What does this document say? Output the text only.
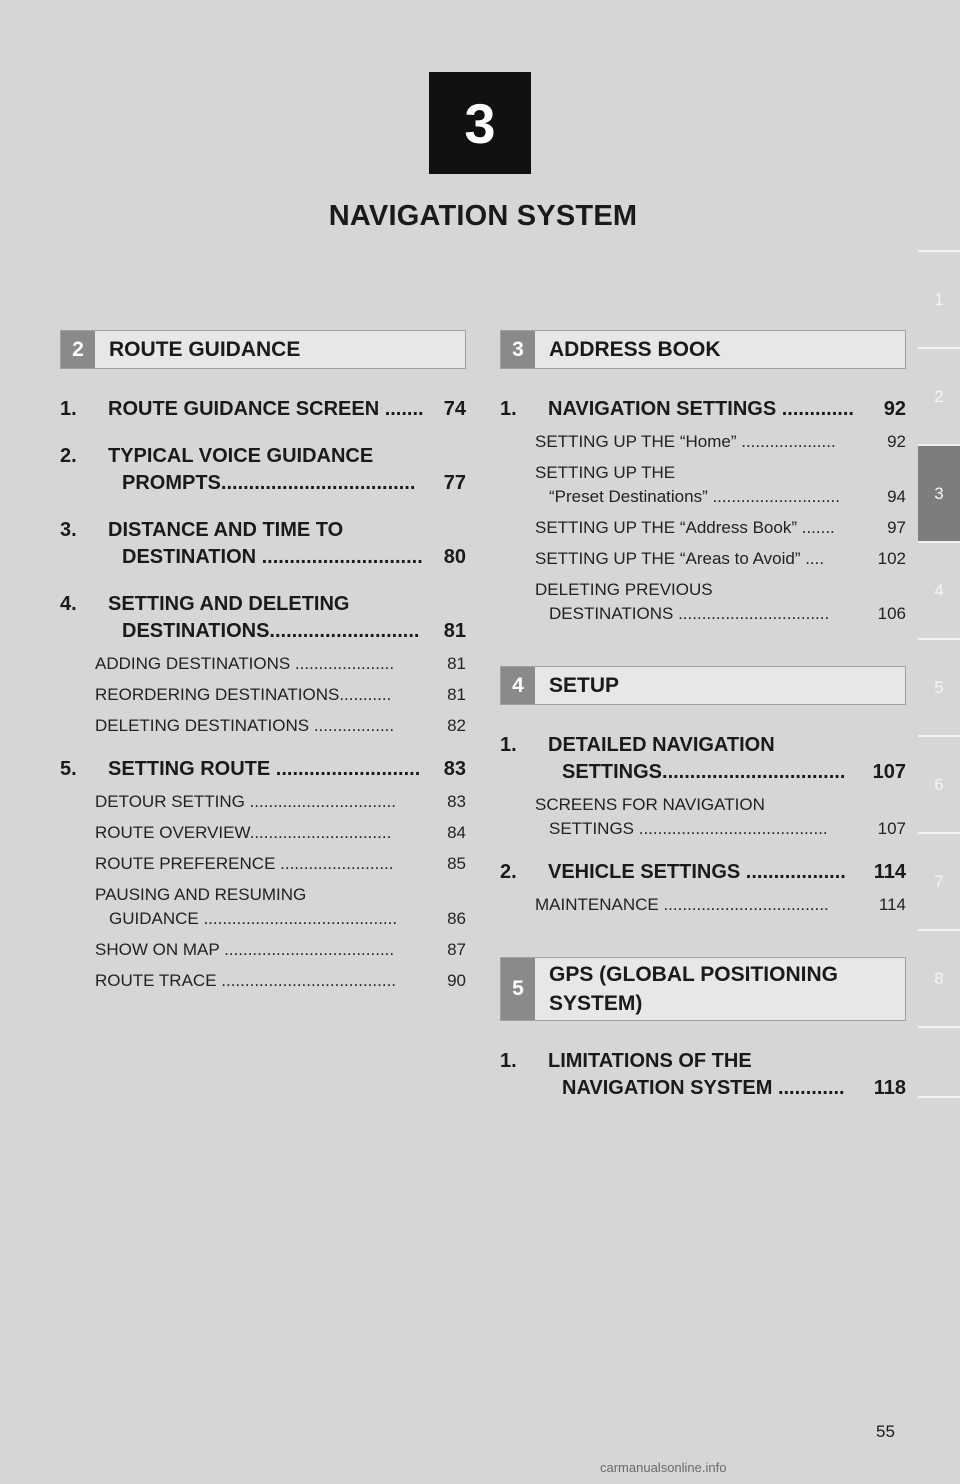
3
NAVIGATION SYSTEM
1
2
3
4
5
6
7
8
2	ROUTE GUIDANCE
1. ROUTE GUIDANCE SCREEN .......	74
2. TYPICAL VOICE GUIDANCE
PROMPTS...................................	77
3. DISTANCE AND TIME TO
DESTINATION .............................	80
4. SETTING AND DELETING
DESTINATIONS...........................	81
ADDING DESTINATIONS .....................	81
REORDERING DESTINATIONS...........	81
DELETING DESTINATIONS .................	82
5. SETTING ROUTE ..........................	83
DETOUR SETTING ...............................	83
ROUTE OVERVIEW..............................	84
ROUTE PREFERENCE ........................	85
PAUSING AND RESUMING
GUIDANCE .........................................	86
SHOW ON MAP ....................................	87
ROUTE TRACE .....................................	90
3	ADDRESS BOOK
1. NAVIGATION SETTINGS .............	92
SETTING UP THE “Home” ....................	92
SETTING UP THE
“Preset Destinations” ...........................	94
SETTING UP THE “Address Book” .......	97
SETTING UP THE “Areas to Avoid” ....	102
DELETING PREVIOUS
DESTINATIONS ................................	106
4	SETUP
1. DETAILED NAVIGATION
SETTINGS.................................	107
SCREENS FOR NAVIGATION
SETTINGS ........................................	107
2. VEHICLE SETTINGS ..................	114
MAINTENANCE ...................................	114
5
GPS (GLOBAL POSITIONING
SYSTEM)
1. LIMITATIONS OF THE
NAVIGATION SYSTEM ............	118
55
carmanualsonline.info
